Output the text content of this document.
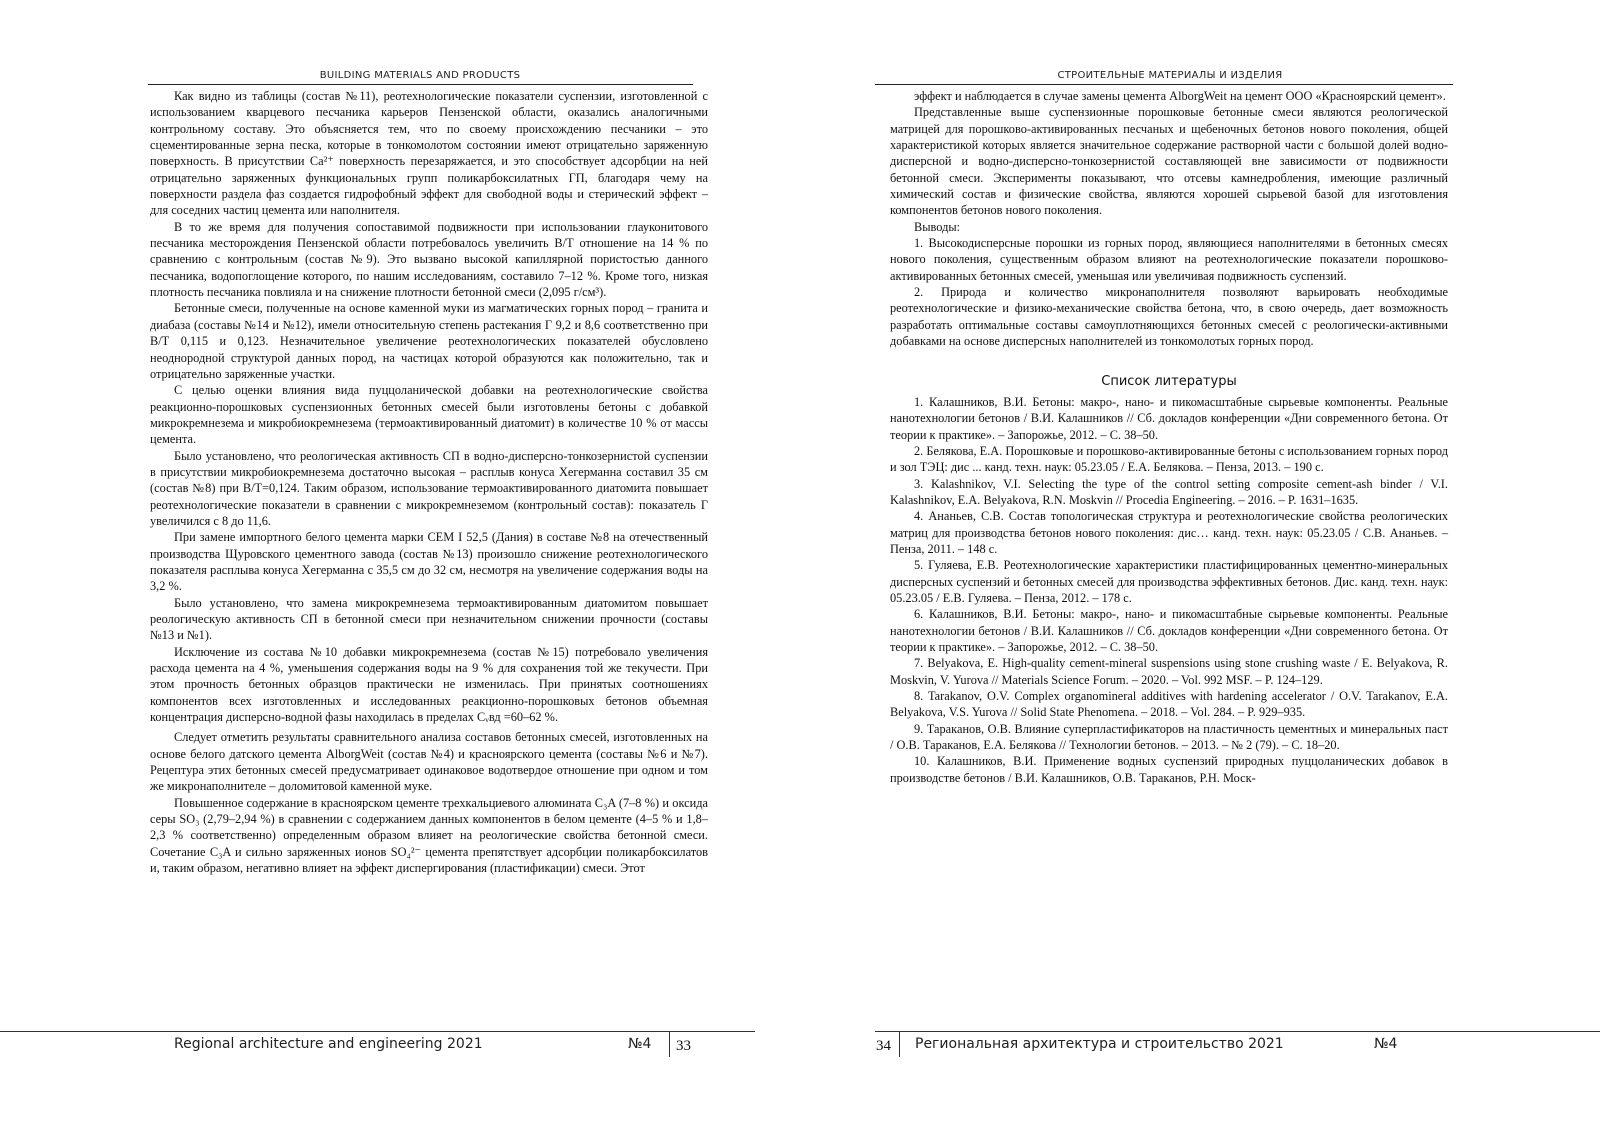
BUILDING MATERIALS AND PRODUCTS

Как видно из таблицы (состав №11), реотехнологические показатели суспензии, изготовленной с использованием кварцевого песчаника карьеров Пензенской области, оказались аналогичными контрольному составу. Это объясняется тем, что по своему происхождению песчаники – это сцементированные зерна песка, которые в тонкомолотом состоянии имеют отрицательно заряженную поверхность. В присутствии Ca²⁺ поверхность перезаряжается, и это способствует адсорбции на ней отрицательно заряженных функциональных групп поликарбоксилатных ГП, благодаря чему на поверхности раздела фаз создается гидрофобный эффект для свободной воды и стерический эффект – для соседних частиц цемента или наполнителя.

В то же время для получения сопоставимой подвижности при использовании глауконитового песчаника месторождения Пензенской области потребовалось увеличить В/Т отношение на 14 % по сравнению с контрольным (состав №9). Это вызвано высокой капиллярной пористостью данного песчаника, водопоглощение которого, по нашим исследованиям, составило 7–12 %. Кроме того, низкая плотность песчаника повлияла и на снижение плотности бетонной смеси (2,095 г/см³).

Бетонные смеси, полученные на основе каменной муки из магматических горных пород – гранита и диабаза (составы №14 и №12), имели относительную степень растекания Г 9,2 и 8,6 соответственно при В/Т 0,115 и 0,123. Незначительное увеличение реотехнологических показателей обусловлено неоднородной структурой данных пород, на частицах которой образуются как положительно, так и отрицательно заряженные участки.

С целью оценки влияния вида пуццоланической добавки на реотехнологические свойства реакционно-порошковых суспензионных бетонных смесей были изготовлены бетоны с добавкой микрокремнезема и микробиокремнезема (термоактивированный диатомит) в количестве 10 % от массы цемента.

Было установлено, что реологическая активность СП в водно-дисперсно-тонкозернистой суспензии в присутствии микробиокремнезема достаточно высокая – расплыв конуса Хегерманна составил 35 см (состав №8) при В/Т=0,124. Таким образом, использование термоактивированного диатомита повышает реотехнологические показатели в сравнении с микрокремнеземом (контрольный состав): показатель Г увеличился с 8 до 11,6.

При замене импортного белого цемента марки CEM I 52,5 (Дания) в составе №8 на отечественный производства Щуровского цементного завода (состав №13) произошло снижение реотехнологического показателя расплыва конуса Хегерманна с 35,5 см до 32 см, несмотря на увеличение содержания воды на 3,2 %.

Было установлено, что замена микрокремнезема термоактивированным диатомитом повышает реологическую активность СП в бетонной смеси при незначительном снижении прочности (составы №13 и №1).

Исключение из состава №10 добавки микрокремнезема (состав №15) потребовало увеличения расхода цемента на 4 %, уменьшения содержания воды на 9 % для сохранения той же текучести. При этом прочность бетонных образцов практически не изменилась. При принятых соотношениях компонентов всех изготовленных и исследованных реакционно-порошковых бетонов объемная концентрация дисперсно-водной фазы находилась в пределах Cᵥвд =60–62 %.

Следует отметить результаты сравнительного анализа составов бетонных смесей, изготовленных на основе белого датского цемента AlborgWeit (состав №4) и красноярского цемента (составы №6 и №7). Рецептура этих бетонных смесей предусматривает одинаковое водотвердое отношение при одном и том же микронаполнителе – доломитовой каменной муке.

Повышенное содержание в красноярском цементе трехкальциевого алюмината C₃A (7–8 %) и оксида серы SO₃ (2,79–2,94 %) в сравнении с содержанием данных компонентов в белом цементе (4–5 % и 1,8–2,3 % соответственно) определенным образом влияет на реологические свойства бетонной смеси. Сочетание C₃A и сильно заряженных ионов SO₄²⁻ цемента препятствует адсорбции поликарбоксилатов и, таким образом, негативно влияет на эффект диспергирования (пластификации) смеси. Этот

Regional architecture and engineering 2021	№4	33
СТРОИТЕЛЬНЫЕ МАТЕРИАЛЫ И ИЗДЕЛИЯ

эффект и наблюдается в случае замены цемента AlborgWeit на цемент ООО «Красноярский цемент».

Представленные выше суспензионные порошковые бетонные смеси являются реологической матрицей для порошково-активированных песчаных и щебеночных бетонов нового поколения, общей характеристикой которых является значительное содержание растворной части с большой долей водно-дисперсной и водно-дисперсно-тонкозернистой составляющей вне зависимости от подвижности бетонной смеси. Эксперименты показывают, что отсевы камнедробления, имеющие различный химический состав и физические свойства, являются хорошей сырьевой базой для изготовления компонентов бетонов нового поколения.

Выводы:

1. Высокодисперсные порошки из горных пород, являющиеся наполнителями в бетонных смесях нового поколения, существенным образом влияют на реотехнологические показатели порошково-активированных бетонных смесей, уменьшая или увеличивая подвижность суспензий.

2. Природа и количество микронаполнителя позволяют варьировать необходимые реотехнологические и физико-механические свойства бетона, что, в свою очередь, дает возможность разработать оптимальные составы самоуплотняющихся бетонных смесей с реологически-активными добавками на основе дисперсных наполнителей из тонкомолотых горных пород.

Список литературы

1. Калашников, В.И. Бетоны: макро-, нано- и пикомасштабные сырьевые компоненты. Реальные нанотехнологии бетонов / В.И. Калашников // Сб. докладов конференции «Дни современного бетона. От теории к практике». – Запорожье, 2012. – С. 38–50.

2. Белякова, Е.А. Порошковые и порошково-активированные бетоны с использованием горных пород и зол ТЭЦ: дис ... канд. техн. наук: 05.23.05 / Е.А. Белякова. – Пенза, 2013. – 190 с.

3. Kalashnikov, V.I. Selecting the type of the control setting composite cement-ash binder / V.I. Kalashnikov, E.A. Belyakova, R.N. Moskvin // Procedia Engineering. – 2016. – P. 1631–1635.

4. Ананьев, С.В. Состав топологическая структура и реотехнологические свойства реологических матриц для производства бетонов нового поколения: дис… канд. техн. наук: 05.23.05 / С.В. Ананьев. – Пенза, 2011. – 148 с.

5. Гуляева, Е.В. Реотехнологические характеристики пластифицированных цементно-минеральных дисперсных суспензий и бетонных смесей для производства эффективных бетонов. Дис. канд. техн. наук: 05.23.05 / Е.В. Гуляева. – Пенза, 2012. – 178 с.

6. Калашников, В.И. Бетоны: макро-, нано- и пикомасштабные сырьевые компоненты. Реальные нанотехнологии бетонов / В.И. Калашников // Сб. докладов конференции «Дни современного бетона. От теории к практике». – Запорожье, 2012. – С. 38–50.

7. Belyakova, E. High-quality cement-mineral suspensions using stone crushing waste / E. Belyakova, R. Moskvin, V. Yurova // Materials Science Forum. – 2020. – Vol. 992 MSF. – P. 124–129.

8. Tarakanov, O.V. Complex organomineral additives with hardening accelerator / O.V. Tarakanov, E.A. Belyakova, V.S. Yurova // Solid State Phenomena. – 2018. – Vol. 284. – P. 929–935.

9. Тараканов, О.В. Влияние суперпластификаторов на пластичность цементных и минеральных паст / О.В. Тараканов, Е.А. Белякова // Технологии бетонов. – 2013. – № 2 (79). – С. 18–20.

10. Калашников, В.И. Применение водных суспензий природных пуццоланических добавок в производстве бетонов / В.И. Калашников, О.В. Тараканов, Р.Н. Моск-

34	Региональная архитектура и строительство 2021	№4
